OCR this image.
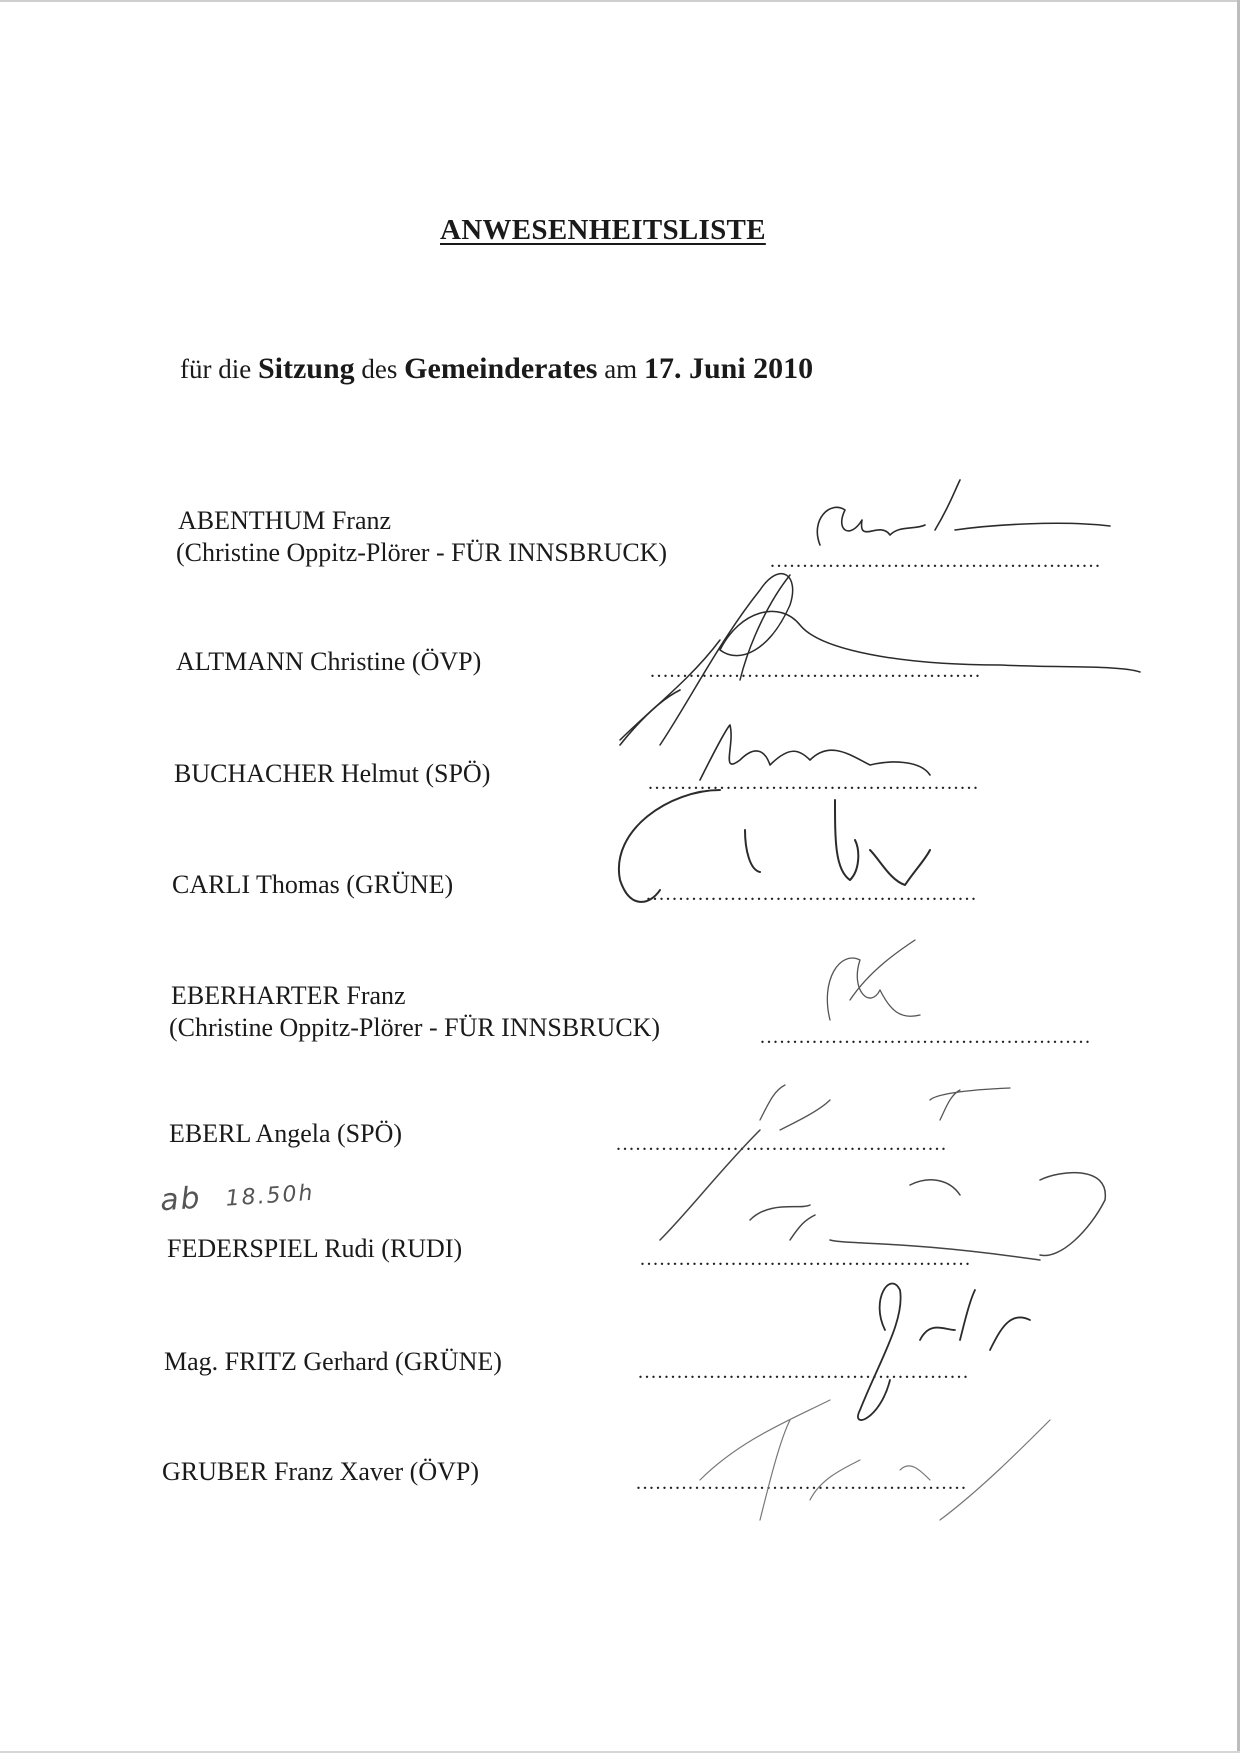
ANWESENHEITSLISTE
für die Sitzung des Gemeinderates am 17. Juni 2010
ABENTHUM Franz
(Christine Oppitz-Plörer - FÜR INNSBRUCK)	...................................................
ALTMANN Christine (ÖVP)	...................................................
BUCHACHER Helmut (SPÖ)	...................................................
CARLI Thomas (GRÜNE)	...................................................
EBERHARTER Franz
(Christine Oppitz-Plörer - FÜR INNSBRUCK)	...................................................
EBERL Angela (SPÖ)	...................................................
ab 18.50h
FEDERSPIEL Rudi (RUDI)	...................................................
Mag. FRITZ Gerhard (GRÜNE)	...................................................
GRUBER Franz Xaver (ÖVP)	...................................................
